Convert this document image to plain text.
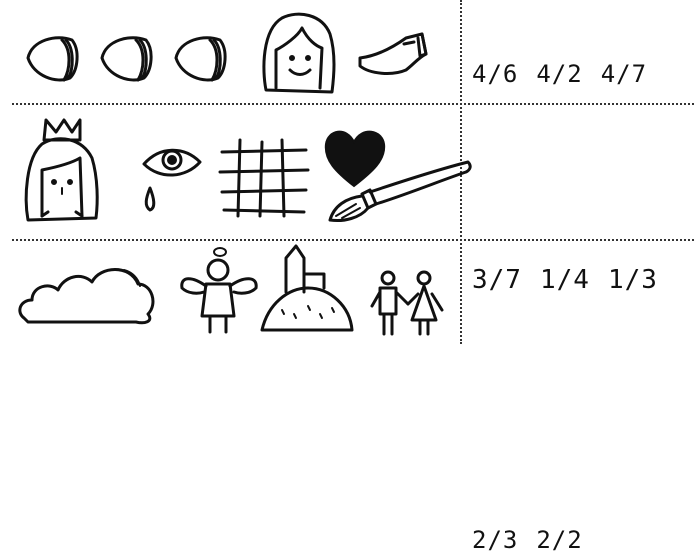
4/6 4/2 4/7
3/7 1/4 1/3
2/3 2/2
